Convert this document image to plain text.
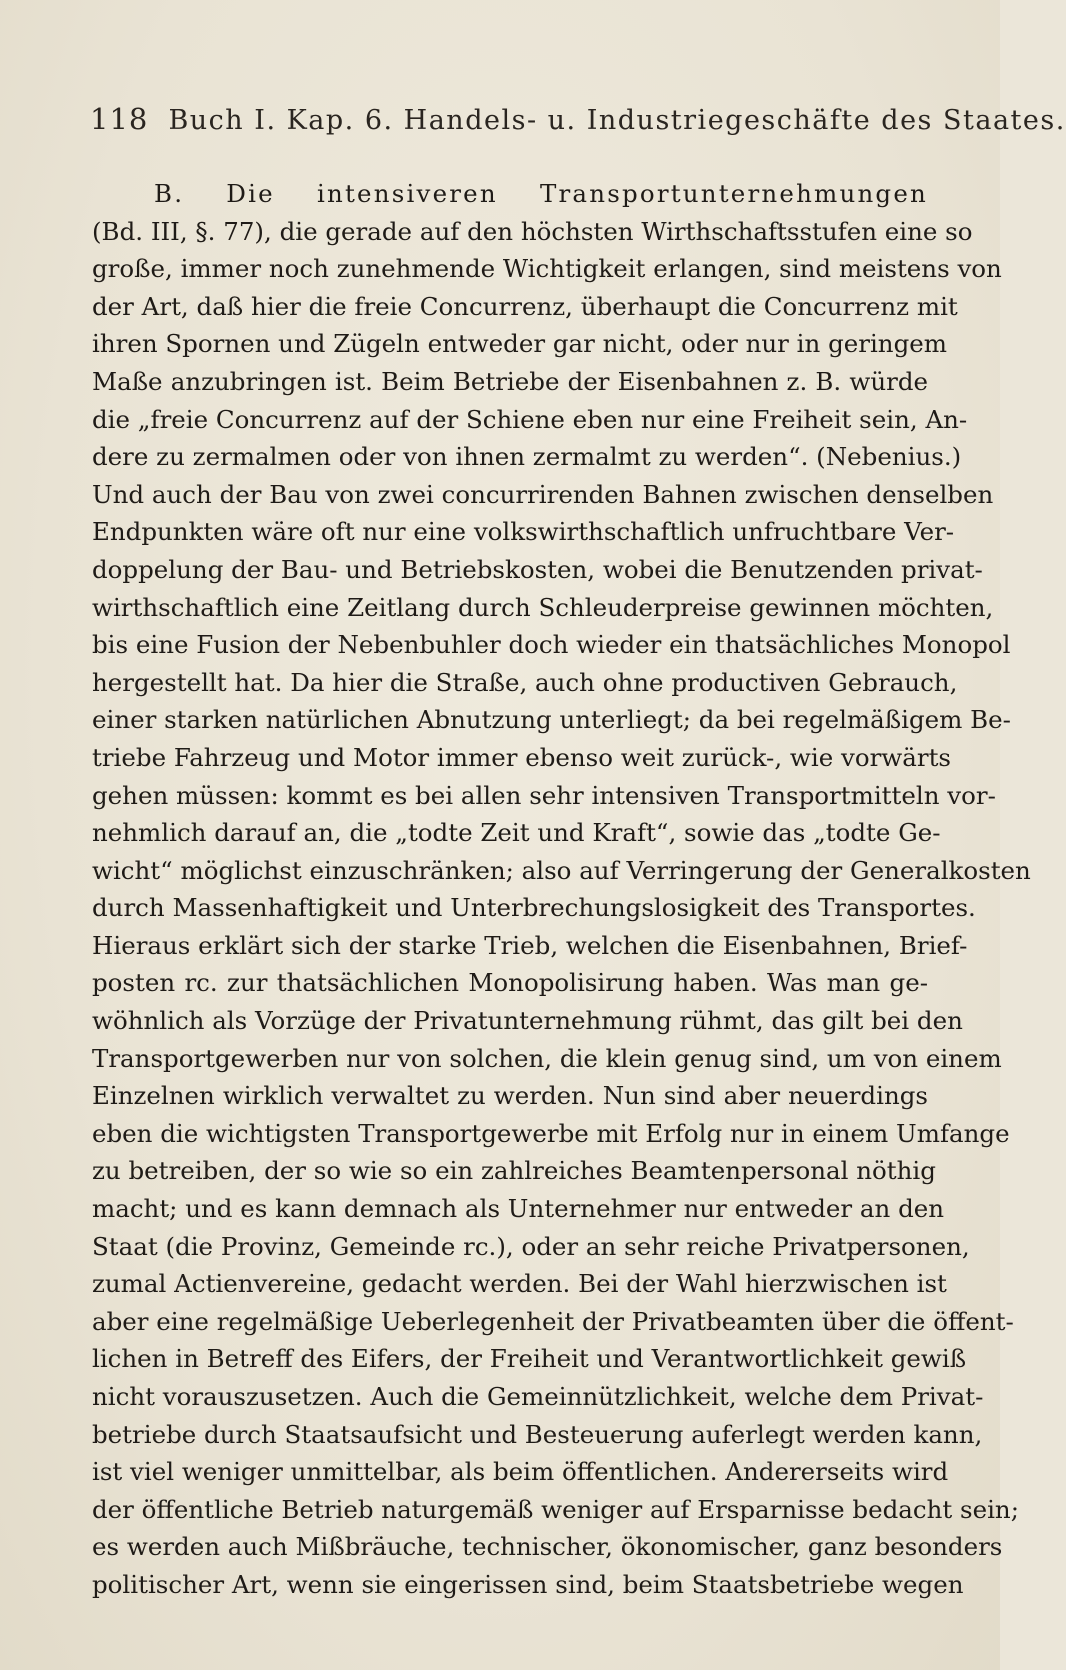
118 Buch I. Kap. 6. Handels- u. Industriegeschäfte des Staates.
B. Die intensiveren Transportunternehmungen
(Bd. III, §. 77), die gerade auf den höchsten Wirthschaftsstufen eine so
große, immer noch zunehmende Wichtigkeit erlangen, sind meistens von
der Art, daß hier die freie Concurrenz, überhaupt die Concurrenz mit
ihren Spornen und Zügeln entweder gar nicht, oder nur in geringem
Maße anzubringen ist. Beim Betriebe der Eisenbahnen z. B. würde
die „freie Concurrenz auf der Schiene eben nur eine Freiheit sein, An-
dere zu zermalmen oder von ihnen zermalmt zu werden“. (Nebenius.)
Und auch der Bau von zwei concurrirenden Bahnen zwischen denselben
Endpunkten wäre oft nur eine volkswirthschaftlich unfruchtbare Ver-
doppelung der Bau- und Betriebskosten, wobei die Benutzenden privat-
wirthschaftlich eine Zeitlang durch Schleuderpreise gewinnen möchten,
bis eine Fusion der Nebenbuhler doch wieder ein thatsächliches Monopol
hergestellt hat. Da hier die Straße, auch ohne productiven Gebrauch,
einer starken natürlichen Abnutzung unterliegt; da bei regelmäßigem Be-
triebe Fahrzeug und Motor immer ebenso weit zurück-, wie vorwärts
gehen müssen: kommt es bei allen sehr intensiven Transportmitteln vor-
nehmlich darauf an, die „todte Zeit und Kraft“, sowie das „todte Ge-
wicht“ möglichst einzuschränken; also auf Verringerung der Generalkosten
durch Massenhaftigkeit und Unterbrechungslosigkeit des Transportes.
Hieraus erklärt sich der starke Trieb, welchen die Eisenbahnen, Brief-
posten rc. zur thatsächlichen Monopolisirung haben. Was man ge-
wöhnlich als Vorzüge der Privatunternehmung rühmt, das gilt bei den
Transportgewerben nur von solchen, die klein genug sind, um von einem
Einzelnen wirklich verwaltet zu werden. Nun sind aber neuerdings
eben die wichtigsten Transportgewerbe mit Erfolg nur in einem Umfange
zu betreiben, der so wie so ein zahlreiches Beamtenpersonal nöthig
macht; und es kann demnach als Unternehmer nur entweder an den
Staat (die Provinz, Gemeinde rc.), oder an sehr reiche Privatpersonen,
zumal Actienvereine, gedacht werden. Bei der Wahl hierzwischen ist
aber eine regelmäßige Ueberlegenheit der Privatbeamten über die öffent-
lichen in Betreff des Eifers, der Freiheit und Verantwortlichkeit gewiß
nicht vorauszusetzen. Auch die Gemeinnützlichkeit, welche dem Privat-
betriebe durch Staatsaufsicht und Besteuerung auferlegt werden kann,
ist viel weniger unmittelbar, als beim öffentlichen. Andererseits wird
der öffentliche Betrieb naturgemäß weniger auf Ersparnisse bedacht sein;
es werden auch Mißbräuche, technischer, ökonomischer, ganz besonders
politischer Art, wenn sie eingerissen sind, beim Staatsbetriebe wegen
